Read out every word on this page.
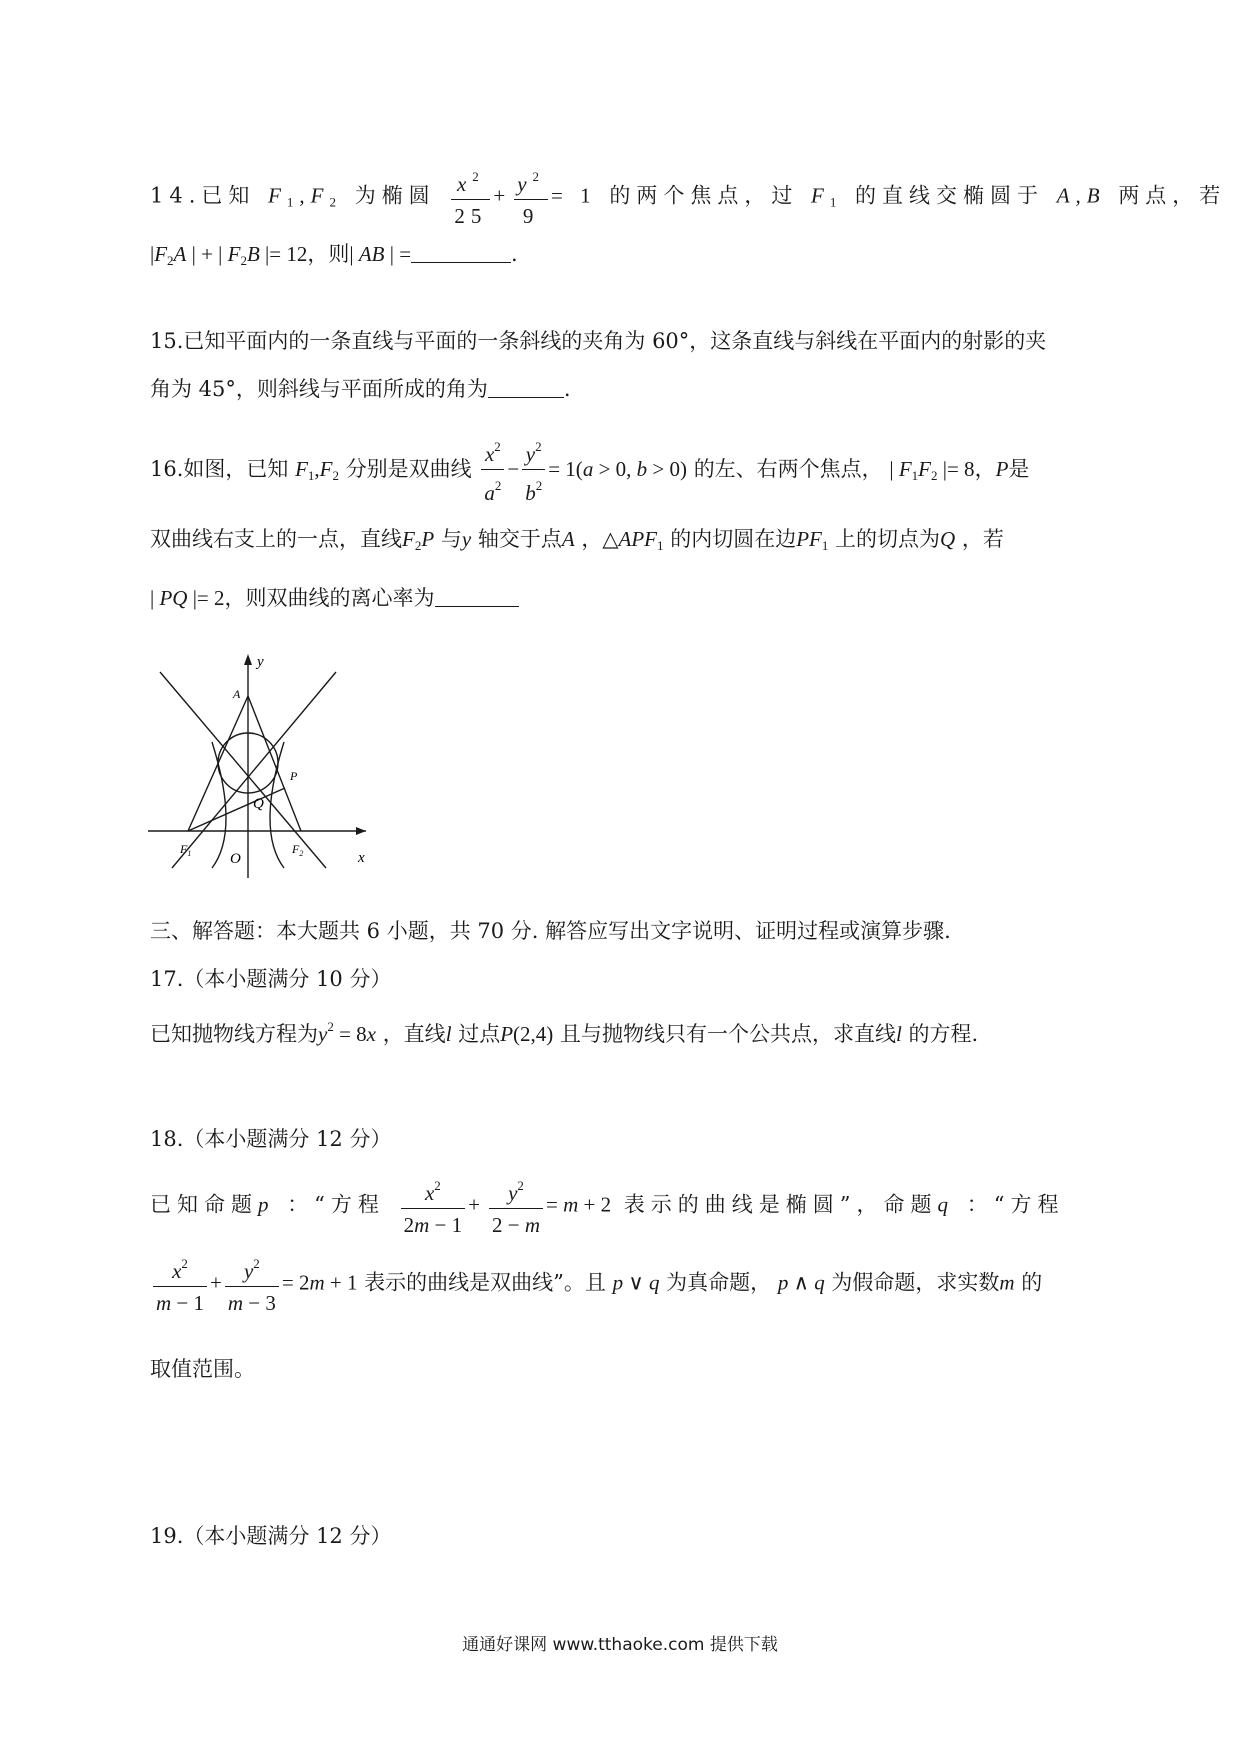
14.已知 $F_1,F_2$ 为椭圆 $\frac{x^2}{25} + \frac{y^2}{9} = 1$ 的两个焦点，过 $F_1$ 的直线交椭圆于 A,B 两点，若
$|F_2A$ | + | $F_2B$ |= 12，则| AB | =	.
15.已知平面内的一条直线与平面的一条斜线的夹角为 60°，这条直线与斜线在平面内的射影的夹
角为 45°，则斜线与平面所成的角为	.
16.如图，已知 $F_1,F_2$ 分别是双曲线 $\frac{x^2}{a^2} - \frac{y^2}{b^2} = 1(a > 0$, b > 0) 的左、右两个焦点， | $F_1F_2$ |= 8，P是
双曲线右支上的一点，直线$F_2P$ 与y 轴交于点A ，$\triangle APF_1$ 的内切圆在边$PF_1$ 上的切点为Q ，若
| PQ |= 2，则双曲线的离心率为
y
A
P
Q
$F_1$	O
$F_2$	x
三、解答题：本大题共 6 小题，共 70 分. 解答应写出文字说明、证明过程或演算步骤.
17.（本小题满分 10 分）
已知抛物线方程为$y^2 = 8x$ ，直线l 过点P(2,4) 且与抛物线只有一个公共点，求直线l 的方程.
18.（本小题满分 12 分）
已知命题p ：“方程 $\frac{x^2}{2m - 1} + \frac{y^2}{2 - m} = m + 2$ 表示的曲线是椭圆”，命题q ：“方程
$\frac{x^2}{m - 1} + \frac{y^2}{m - 3} = 2m + 1$ 表示的曲线是双曲线”。且 p ∨ q 为真命题， p ∧ q 为假命题，求实数m 的
取值范围。
19.（本小题满分 12 分）
通通好课网 www.tthaoke.com 提供下载
